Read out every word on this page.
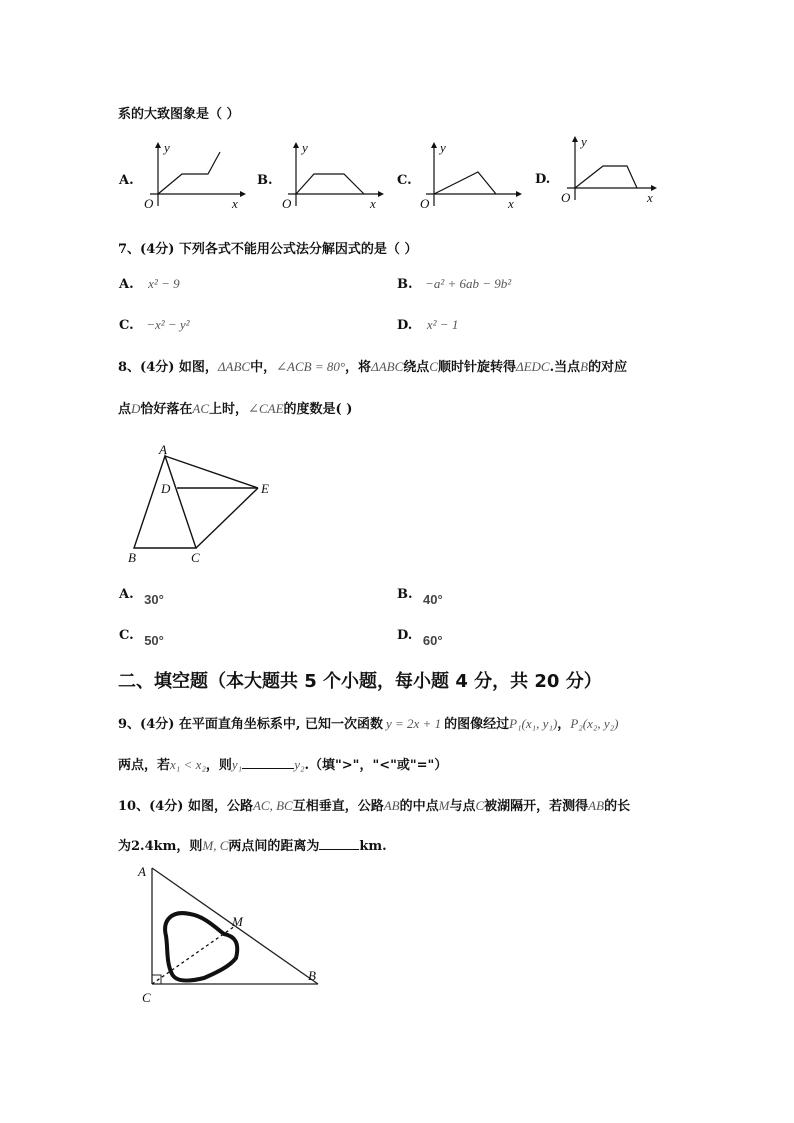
系的大致图象是（ ）
A.
y
x
O
B.
y
x
O
C.
y
x
O
D.
y
x
O
7、(4分) 下列各式不能用公式法分解因式的是（ ）
A. x² − 9	B. −a² + 6ab − 9b²
C. −x² − y²	D. x² − 1
8、(4分) 如图，ΔABC中，∠ACB = 80°，将ΔABC绕点C顺时针旋转得ΔEDC.当点B的对应
点D恰好落在AC上时，∠CAE的度数是( )
A
B	C
D	E
A. 30°	B. 40°
C. 50°	D. 60°
二、填空题（本大题共 5 个小题，每小题 4 分，共 20 分）
9、(4分) 在平面直角坐标系中, 已知一次函数 y = 2x + 1 的图像经过P₁(x₁, y₁)，P₂(x₂, y₂)
两点，若x₁ < x₂，则y₁	y₂.（填">"，"<"或"="）
10、(4分) 如图，公路AC, BC互相垂直，公路AB的中点M与点C被湖隔开，若测得AB的长
为2.4km，则M, C两点间的距离为	km.
A
B
C
M
